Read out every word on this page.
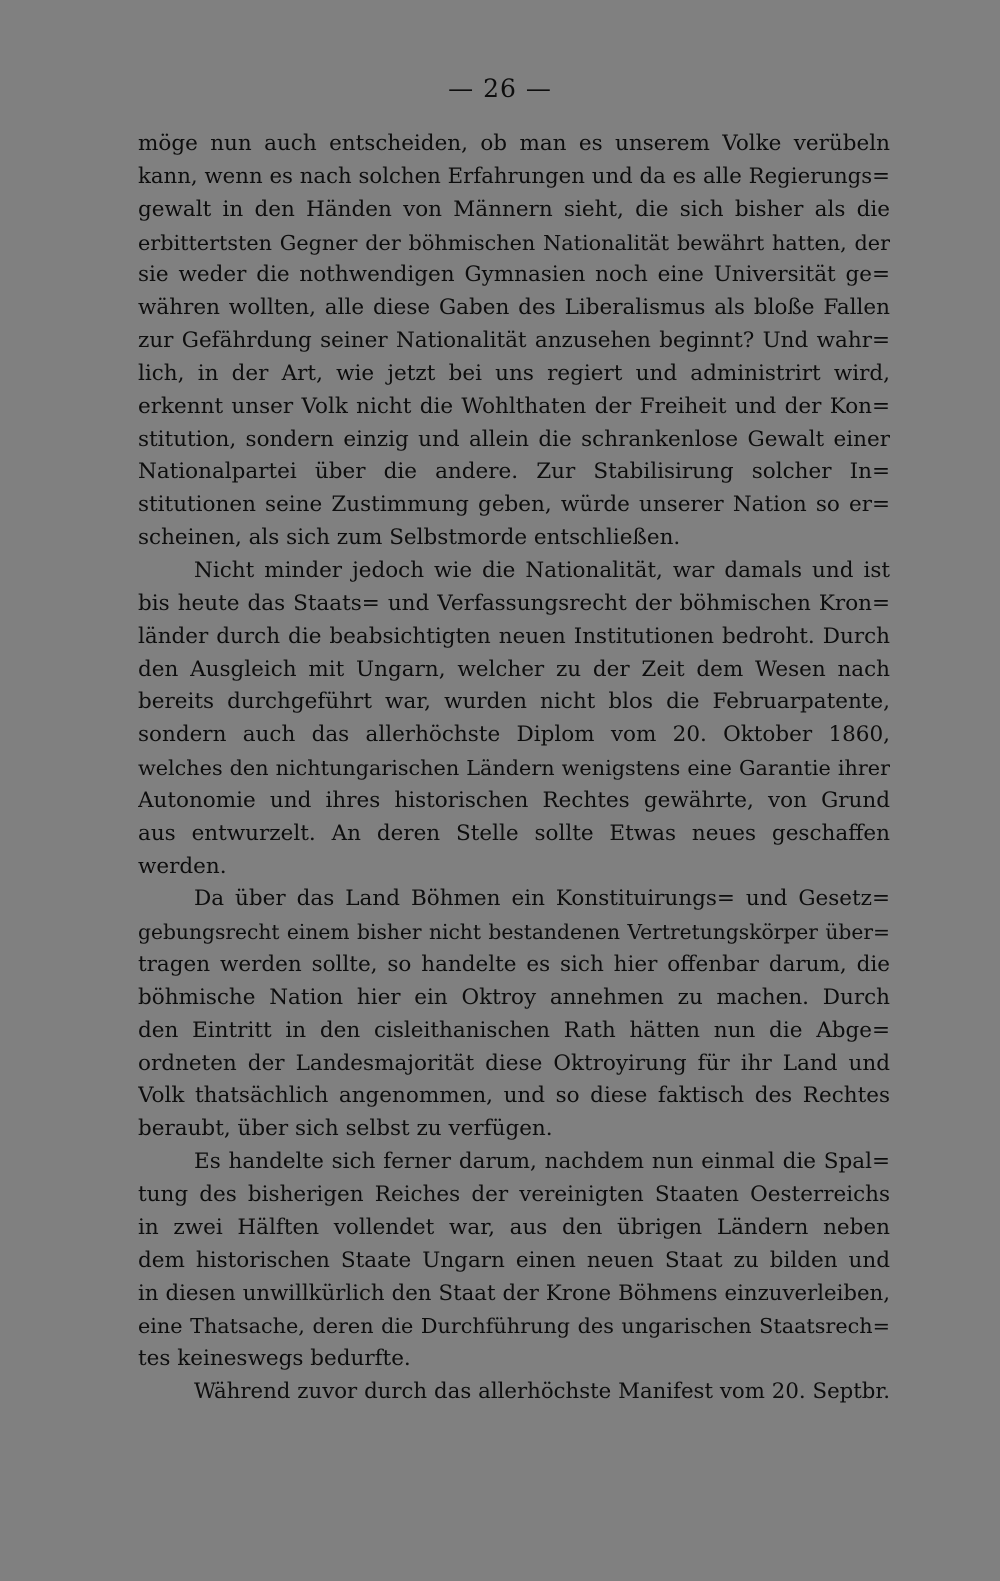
— 26 —
möge nun auch entscheiden, ob man es unserem Volke verübeln
kann, wenn es nach solchen Erfahrungen und da es alle Regierungs=
gewalt in den Händen von Männern sieht, die sich bisher als die
erbittertsten Gegner der böhmischen Nationalität bewährt hatten, der
sie weder die nothwendigen Gymnasien noch eine Universität ge=
währen wollten, alle diese Gaben des Liberalismus als bloße Fallen
zur Gefährdung seiner Nationalität anzusehen beginnt? Und wahr=
lich, in der Art, wie jetzt bei uns regiert und administrirt wird,
erkennt unser Volk nicht die Wohlthaten der Freiheit und der Kon=
stitution, sondern einzig und allein die schrankenlose Gewalt einer
Nationalpartei über die andere. Zur Stabilisirung solcher In=
stitutionen seine Zustimmung geben, würde unserer Nation so er=
scheinen, als sich zum Selbstmorde entschließen.
Nicht minder jedoch wie die Nationalität, war damals und ist
bis heute das Staats= und Verfassungsrecht der böhmischen Kron=
länder durch die beabsichtigten neuen Institutionen bedroht. Durch
den Ausgleich mit Ungarn, welcher zu der Zeit dem Wesen nach
bereits durchgeführt war, wurden nicht blos die Februarpatente,
sondern auch das allerhöchste Diplom vom 20. Oktober 1860,
welches den nichtungarischen Ländern wenigstens eine Garantie ihrer
Autonomie und ihres historischen Rechtes gewährte, von Grund
aus entwurzelt. An deren Stelle sollte Etwas neues geschaffen
werden.
Da über das Land Böhmen ein Konstituirungs= und Gesetz=
gebungsrecht einem bisher nicht bestandenen Vertretungskörper über=
tragen werden sollte, so handelte es sich hier offenbar darum, die
böhmische Nation hier ein Oktroy annehmen zu machen. Durch
den Eintritt in den cisleithanischen Rath hätten nun die Abge=
ordneten der Landesmajorität diese Oktroyirung für ihr Land und
Volk thatsächlich angenommen, und so diese faktisch des Rechtes
beraubt, über sich selbst zu verfügen.
Es handelte sich ferner darum, nachdem nun einmal die Spal=
tung des bisherigen Reiches der vereinigten Staaten Oesterreichs
in zwei Hälften vollendet war, aus den übrigen Ländern neben
dem historischen Staate Ungarn einen neuen Staat zu bilden und
in diesen unwillkürlich den Staat der Krone Böhmens einzuverleiben,
eine Thatsache, deren die Durchführung des ungarischen Staatsrech=
tes keineswegs bedurfte.
Während zuvor durch das allerhöchste Manifest vom 20. Septbr.
